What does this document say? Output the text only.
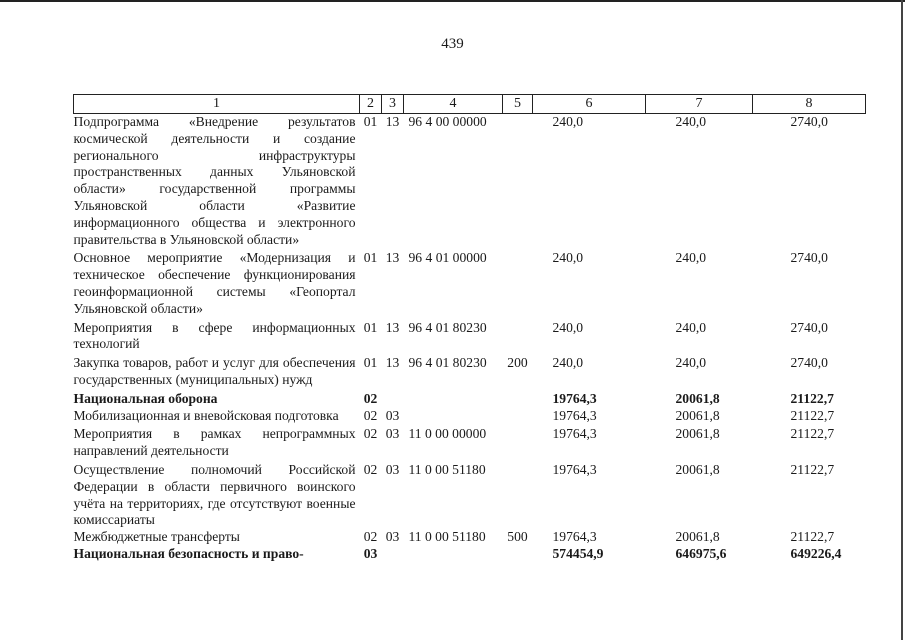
439
1	2	3	4	5	6	7	8
Подпрограмма «Внедрение результатов космической деятельности и создание регионального инфраструктуры пространственных данных Ульяновской области» государственной программы Ульяновской области «Развитие информационного общества и электронного правительства в Ульяновской области»	01	13	96 4 00 00000		240,0	240,0	2740,0
Основное мероприятие «Модернизация и техническое обеспечение функционирования геоинформационной системы «Геопортал Ульяновской области»	01	13	96 4 01 00000		240,0	240,0	2740,0
Мероприятия в сфере информационных технологий	01	13	96 4 01 80230		240,0	240,0	2740,0
Закупка товаров, работ и услуг для обеспечения государственных (муниципальных) нужд	01	13	96 4 01 80230	200	240,0	240,0	2740,0
Национальная оборона	02				19764,3	20061,8	21122,7
Мобилизационная и вневойсковая подготовка	02	03			19764,3	20061,8	21122,7
Мероприятия в рамках непрограммных направлений деятельности	02	03	11 0 00 00000		19764,3	20061,8	21122,7
Осуществление полномочий Российской Федерации в области первичного воинского учёта на территориях, где отсутствуют военные комиссариаты	02	03	11 0 00 51180		19764,3	20061,8	21122,7
Межбюджетные трансферты	02	03	11 0 00 51180	500	19764,3	20061,8	21122,7
Национальная безопасность и право-	03				574454,9	646975,6	649226,4
